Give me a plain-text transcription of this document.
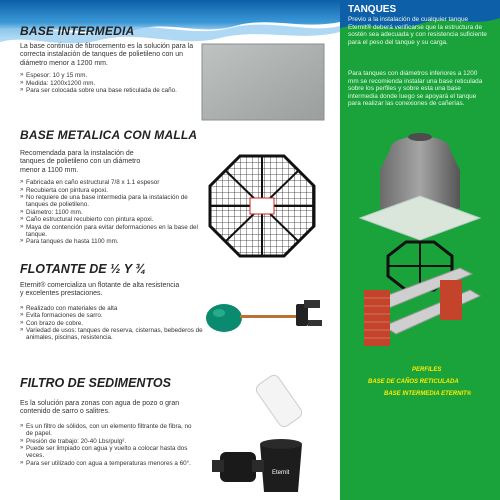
BASE INTERMEDIA
La base continua de fibrocemento es la solución para la correcta instalación de tanques de polietileno con un diámetro menor a 1200 mm.
» Espesor: 10 y 15 mm.
» Medida: 1200x1200 mm.
» Para ser colocada sobre una base reticulada de caño.
BASE METALICA CON MALLA
Recomendada para la instalación de tanques de polietileno con un diámetro menor a 1100 mm.
» Fabricada en caño estructural 7/8 x 1.1 espesor
» Recubierta con pintura epoxi.
» No requiere de una base intermedia para la instalación de tanques de polietileno.
» Diámetro: 1100 mm.
» Caño estructural recubierto con pintura epoxi.
» Maya de contención para evitar deformaciones en la base del tanque.
» Para tanques de hasta 1100 mm.
FLOTANTE DE ½ Y ¾
Eternit® comercializa un flotante de alta resistencia y excelentes prestaciones.
» Realizado con materiales de alta
» Evita formaciones de sarro.
» Con brazo de cobre.
» Variedad de usos: tanques de reserva, cisternas, bebederos de animales, piscinas, resistencia.
FILTRO DE SEDIMENTOS
Es la solución para zonas con agua de pozo o gran contenido de sarro o salitres.
» Es un filtro de sólidos, con un elemento filtrante de fibra, no de papel.
» Presión de trabajo: 20-40 Lbs/pulg².
» Puede ser limpiado con agua y vuelto a colocar hasta dos veces.
» Para ser utilizado con agua a temperaturas menores a 60°.
Eternit
TANQUES
Previo a la instalación de cualquier tanque Eternit® deberá verificarse que la estructura de sostén sea adecuada y con resistencia suficiente para el peso del tanque y su carga.
Para tanques con diámetros inferiores a 1200 mm se recomienda instalar una base reticulada sobre los perfiles y sobre esta una base intermedia donde luego se apoyará el tanque para realizar las conexiones de cañerías.
PERFILES
BASE DE CAÑOS RETICULADA
BASE INTERMEDIA ETERNIT®
